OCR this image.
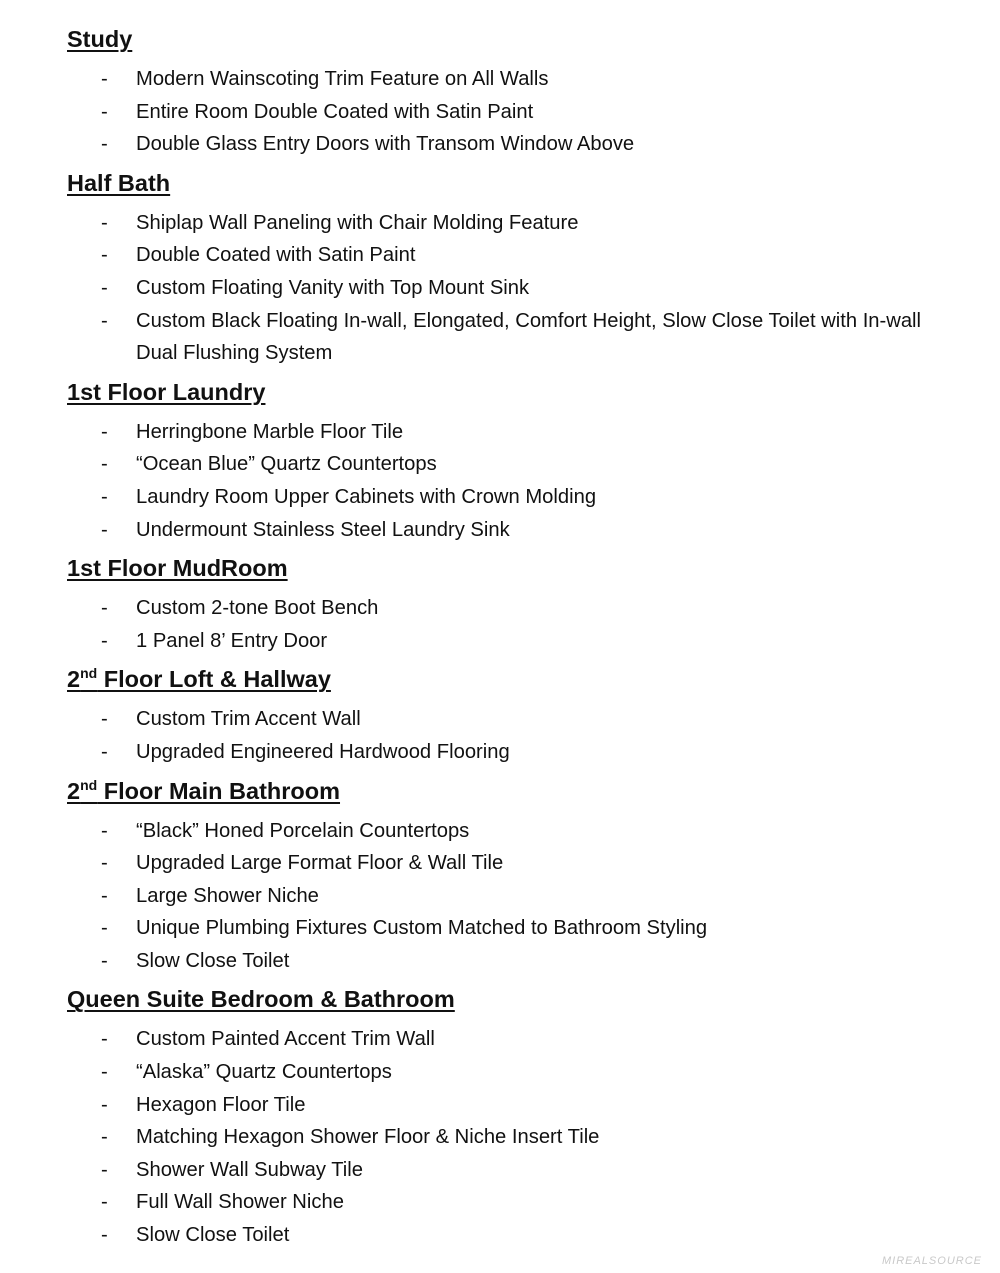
Study
- Modern Wainscoting Trim Feature on All Walls
- Entire Room Double Coated with Satin Paint
- Double Glass Entry Doors with Transom Window Above
Half Bath
- Shiplap Wall Paneling with Chair Molding Feature
- Double Coated with Satin Paint
- Custom Floating Vanity with Top Mount Sink
- Custom Black Floating In-wall, Elongated, Comfort Height, Slow Close Toilet with In-wall Dual Flushing System
1st Floor Laundry
- Herringbone Marble Floor Tile
- “Ocean Blue” Quartz Countertops
- Laundry Room Upper Cabinets with Crown Molding
- Undermount Stainless Steel Laundry Sink
1st Floor MudRoom
- Custom 2-tone Boot Bench
- 1 Panel 8’ Entry Door
2nd Floor Loft & Hallway
- Custom Trim Accent Wall
- Upgraded Engineered Hardwood Flooring
2nd Floor Main Bathroom
- “Black” Honed Porcelain Countertops
- Upgraded Large Format Floor & Wall Tile
- Large Shower Niche
- Unique Plumbing Fixtures Custom Matched to Bathroom Styling
- Slow Close Toilet
Queen Suite Bedroom & Bathroom
- Custom Painted Accent Trim Wall
- “Alaska” Quartz Countertops
- Hexagon Floor Tile
- Matching Hexagon Shower Floor & Niche Insert Tile
- Shower Wall Subway Tile
- Full Wall Shower Niche
- Slow Close Toilet
MIREALSOURCE
